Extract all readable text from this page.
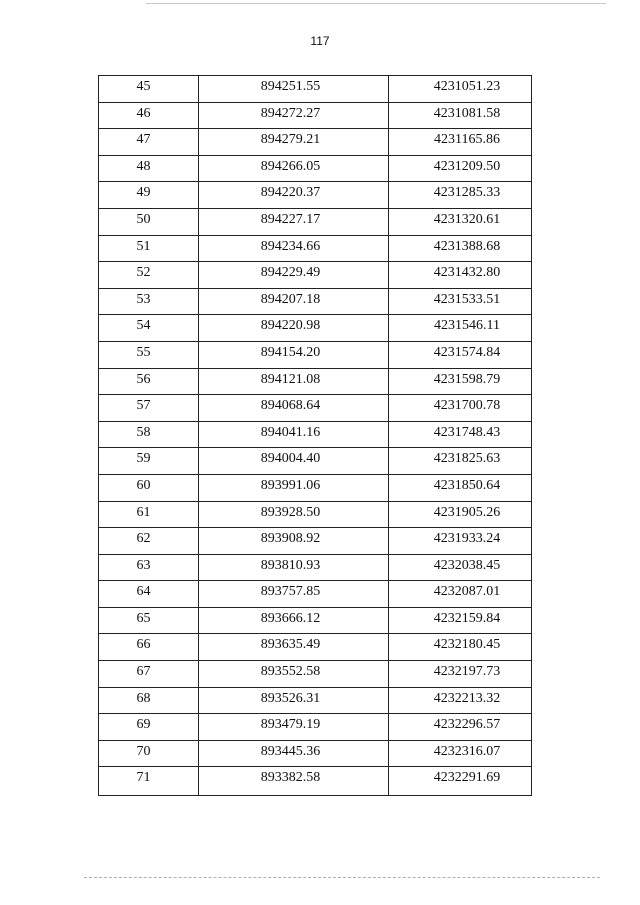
117
45	894251.55	4231051.23
46	894272.27	4231081.58
47	894279.21	4231165.86
48	894266.05	4231209.50
49	894220.37	4231285.33
50	894227.17	4231320.61
51	894234.66	4231388.68
52	894229.49	4231432.80
53	894207.18	4231533.51
54	894220.98	4231546.11
55	894154.20	4231574.84
56	894121.08	4231598.79
57	894068.64	4231700.78
58	894041.16	4231748.43
59	894004.40	4231825.63
60	893991.06	4231850.64
61	893928.50	4231905.26
62	893908.92	4231933.24
63	893810.93	4232038.45
64	893757.85	4232087.01
65	893666.12	4232159.84
66	893635.49	4232180.45
67	893552.58	4232197.73
68	893526.31	4232213.32
69	893479.19	4232296.57
70	893445.36	4232316.07
71	893382.58	4232291.69
